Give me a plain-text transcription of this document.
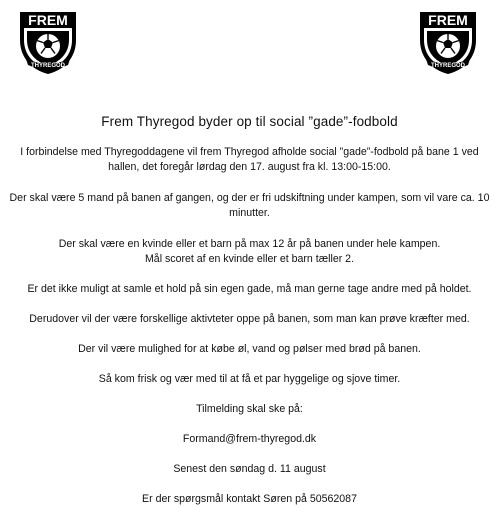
FREM
THYREGOD
FREM
THYREGOD
Frem Thyregod byder op til social ”gade”-fodbold

I forbindelse med Thyregoddagene vil frem Thyregod afholde social ”gade”-fodbold på bane 1 ved hallen, det foregår lørdag den 17. august fra kl. 13:00-15:00.

Der skal være 5 mand på banen af gangen, og der er fri udskiftning under kampen, som vil vare ca. 10 minutter.

Der skal være en kvinde eller et barn på max 12 år på banen under hele kampen.

Mål scoret af en kvinde eller et barn tæller 2.

Er det ikke muligt at samle et hold på sin egen gade, må man gerne tage andre med på holdet.

Derudover vil der være forskellige aktivteter oppe på banen, som man kan prøve kræfter med.

Der vil være mulighed for at købe øl, vand og pølser med brød på banen.

Så kom frisk og vær med til at få et par hyggelige og sjove timer.

Tilmelding skal ske på:

Formand@frem-thyregod.dk

Senest den søndag d. 11 august

Er der spørgsmål kontakt Søren på 50562087
